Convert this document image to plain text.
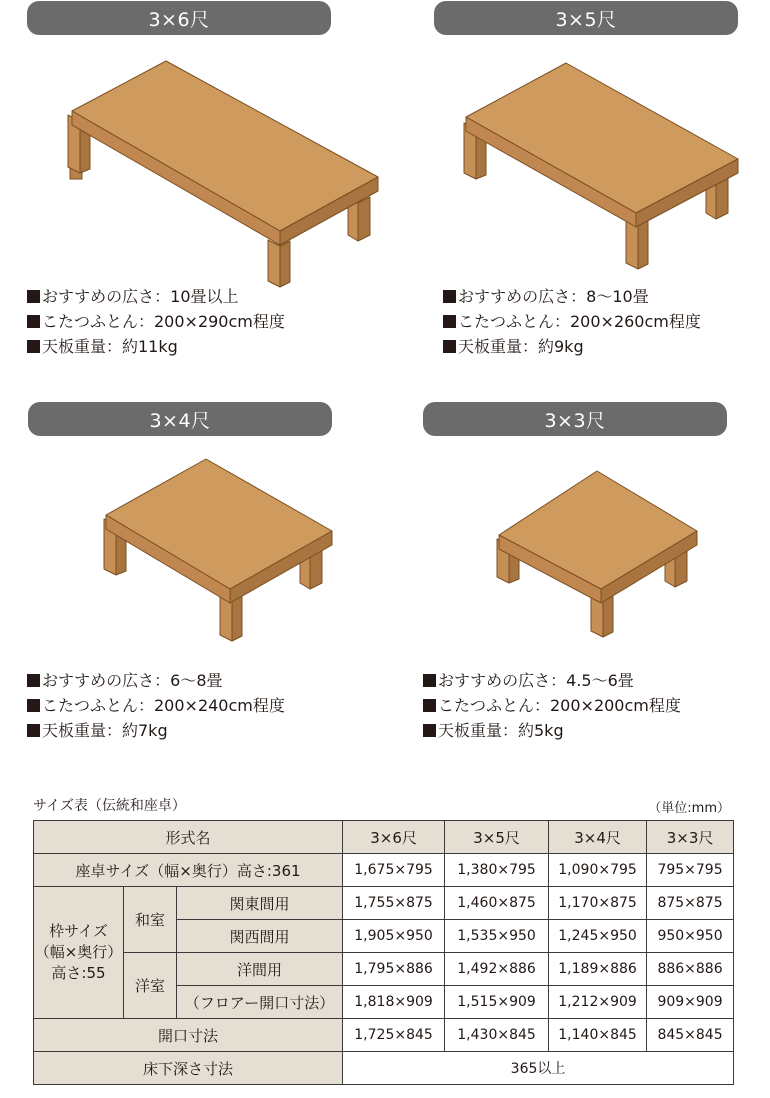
3×6尺	3×5尺
3×4尺	3×3尺
おすすめの広さ：10畳以上
こたつふとん：200×290cm程度
天板重量：約11kg
おすすめの広さ：8〜10畳
こたつふとん：200×260cm程度
天板重量：約9kg
おすすめの広さ：6〜8畳
こたつふとん：200×240cm程度
天板重量：約7kg
おすすめの広さ：4.5〜6畳
こたつふとん：200×200cm程度
天板重量：約5kg
サイズ表（伝統和座卓）	（単位:mm）
形式名			3×6尺	3×5尺	3×4尺	3×3尺
座卓サイズ（幅×奥行）高さ:361			1,675×795	1,380×795	1,090×795	795×795

枠サイズ
（幅×奥行）
高さ:55	和室	関東間用	1,755×875	1,460×875	1,170×875	875×875
		関西間用	1,905×950	1,535×950	1,245×950	950×950
	洋室	洋間用	1,795×886	1,492×886	1,189×886	886×886
		（フロアー開口寸法）	1,818×909	1,515×909	1,212×909	909×909
開口寸法			1,725×845	1,430×845	1,140×845	845×845
床下深さ寸法			365以上			
